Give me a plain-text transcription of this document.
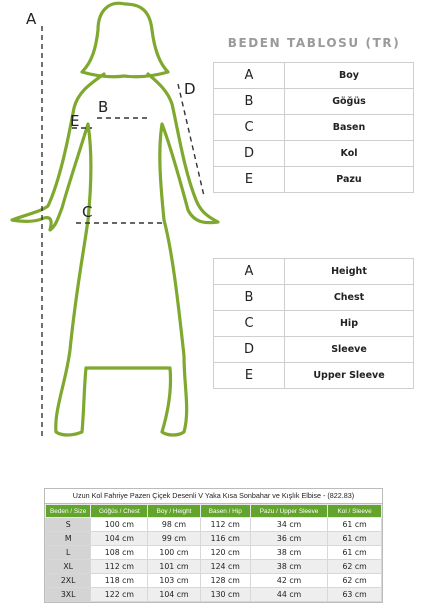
A
B
C
D
E
BEDEN TABLOSU (TR)
A	Boy
B	Göğüs
C	Basen
D	Kol
E	Pazu
A	Height
B	Chest
C	Hip
D	Sleeve
E	Upper Sleeve
Uzun Kol Fahriye Pazen Çiçek Desenli V Yaka Kısa Sonbahar ve Kışlık Elbise - (822.83)
Beden / Size	Göğüs / Chest	Boy / Height	Basen / Hip	Pazu / Upper Sleeve	Kol / Sleeve
S	100 cm	98 cm	112 cm	34 cm	61 cm
M	104 cm	99 cm	116 cm	36 cm	61 cm
L	108 cm	100 cm	120 cm	38 cm	61 cm
XL	112 cm	101 cm	124 cm	38 cm	62 cm
2XL	118 cm	103 cm	128 cm	42 cm	62 cm
3XL	122 cm	104 cm	130 cm	44 cm	63 cm
